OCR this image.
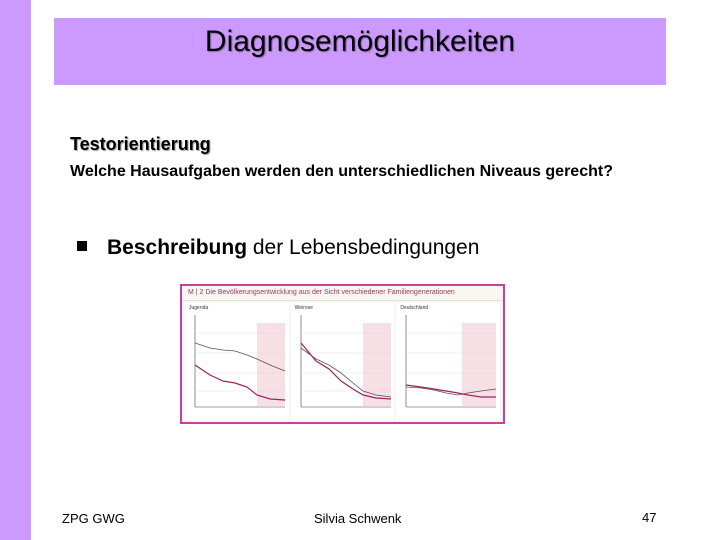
Diagnosemöglichkeiten
Testorientierung
Welche Hausaufgaben werden den unterschiedlichen Niveaus gerecht?
Beschreibung der Lebensbedingungen
M | 2 Die Bevölkerungsentwicklung aus der Sicht verschiedener Familiengenerationen
Jugenda	Weirose	Deutschland
ZPG GWG	Silvia Schwenk	47
